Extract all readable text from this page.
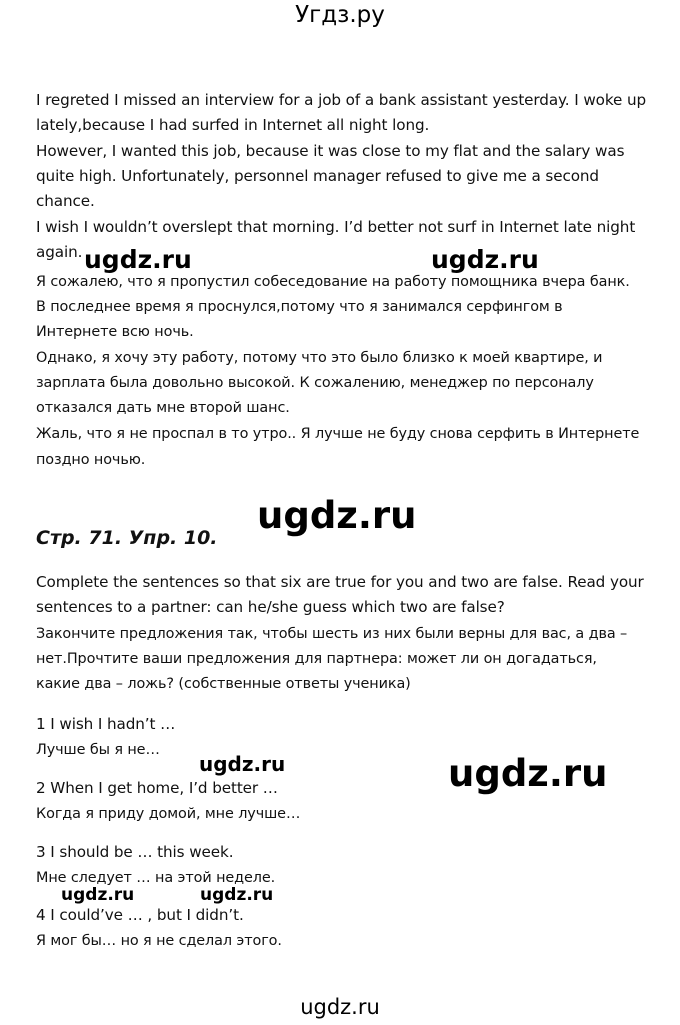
Угдз.ру
I regreted I missed an interview for a job of a bank assistant yesterday. I woke up
lately,because I had surfed in Internet all night long.
However, I wanted this job, because it was close to my flat and the salary was
quite high. Unfortunately, personnel manager refused to give me a second
chance.
I wish I wouldn’t overslept that morning. I’d better not surf in Internet late night
again. ugdz.ru	ugdz.ru
Я сожалею, что я пропустил собеседование на работу помощника вчера банк.
В последнее время я проснулся,потому что я занимался серфингом в
Интернете всю ночь.
Однако, я хочу эту работу, потому что это было близко к моей квартире, и
зарплата была довольно высокой. К сожалению, менеджер по персоналу
отказался дать мне второй шанс.
Жаль, что я не проспал в то утро.. Я лучше не буду снова серфить в Интернете
поздно ночью.
ugdz.ru
Стр. 71. Упр. 10.
Complete the sentences so that six are true for you and two are false. Read your
sentences to a partner: can he/she guess which two are false?
Закончите предложения так, чтобы шесть из них были верны для вас, а два –
нет.Прочтите ваши предложения для партнера: может ли он догадаться,
какие два – ложь? (собственные ответы ученика)
1 I wish I hadn’t …
Лучше бы я не…
ugdz.ru	ugdz.ru
2 When I get home, I’d better …
Когда я приду домой, мне лучше…
3 I should be … this week.
Мне следует … на этой неделе.
ugdz.ru	ugdz.ru
4 I could’ve … , but I didn’t.
Я мог бы… но я не сделал этого.
ugdz.ru
